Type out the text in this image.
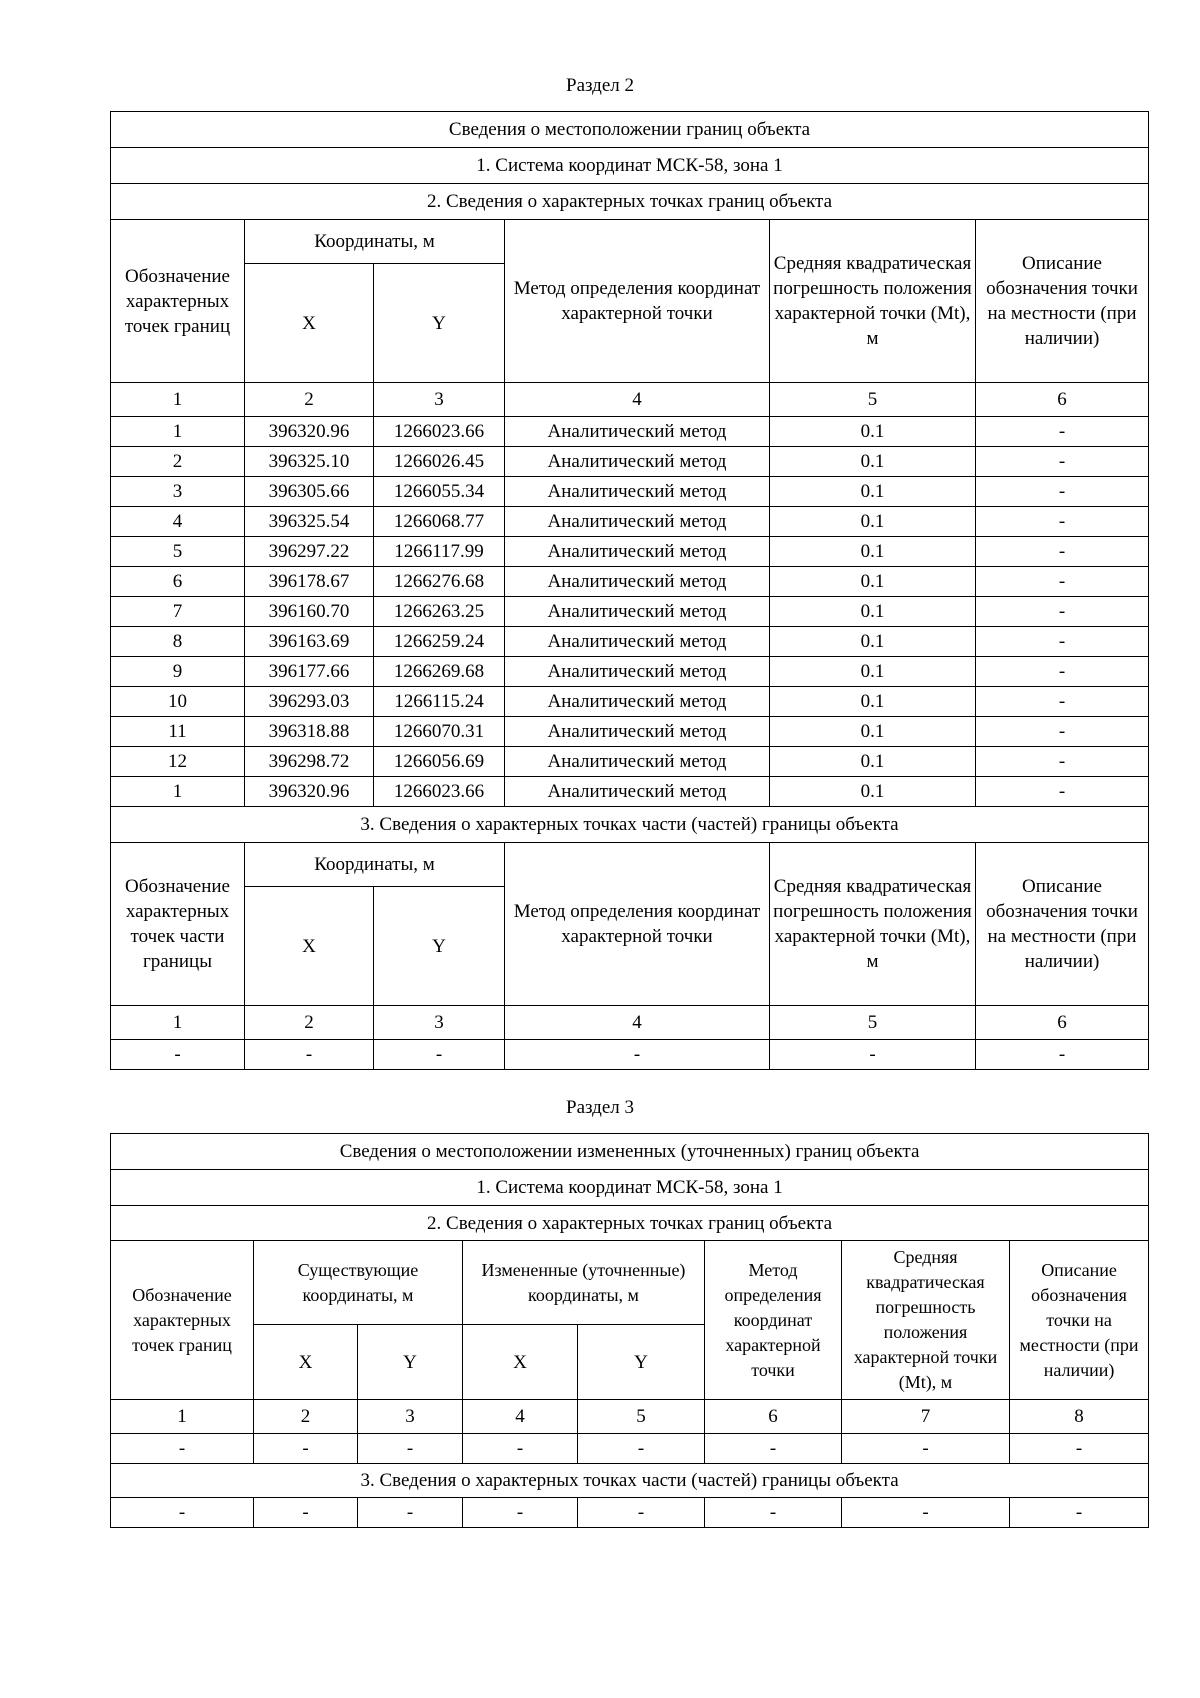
Раздел 2
Сведения о местоположении границ объекта					
1. Система координат МСК-58, зона 1					
2. Сведения о характерных точках границ объекта					
Обозначение характерных точек границ	Координаты, м		Метод определения координат характерной точки	Средняя квадратическая погрешность положения характерной точки (Mt), м	Описание обозначения точки на местности (при наличии)
	X	Y			
1	2	3	4	5	6
1	396320.96	1266023.66	Аналитический метод	0.1	-
2	396325.10	1266026.45	Аналитический метод	0.1	-
3	396305.66	1266055.34	Аналитический метод	0.1	-
4	396325.54	1266068.77	Аналитический метод	0.1	-
5	396297.22	1266117.99	Аналитический метод	0.1	-
6	396178.67	1266276.68	Аналитический метод	0.1	-
7	396160.70	1266263.25	Аналитический метод	0.1	-
8	396163.69	1266259.24	Аналитический метод	0.1	-
9	396177.66	1266269.68	Аналитический метод	0.1	-
10	396293.03	1266115.24	Аналитический метод	0.1	-
11	396318.88	1266070.31	Аналитический метод	0.1	-
12	396298.72	1266056.69	Аналитический метод	0.1	-
1	396320.96	1266023.66	Аналитический метод	0.1	-
3. Сведения о характерных точках части (частей) границы объекта					
Обозначение характерных точек части границы	Координаты, м		Метод определения координат характерной точки	Средняя квадратическая погрешность положения характерной точки (Mt), м	Описание обозначения точки на местности (при наличии)
	X	Y			
1	2	3	4	5	6
-	-	-	-	-	-
Раздел 3
Сведения о местоположении измененных (уточненных) границ объекта							
1. Система координат МСК-58, зона 1							
2. Сведения о характерных точках границ объекта							
Обозначение характерных точек границ	Существующие координаты, м		Измененные (уточненные) координаты, м		Метод определения координат характерной точки	Средняя квадратическая погрешность положения характерной точки (Mt), м	Описание обозначения точки на местности (при наличии)
	X	Y	X	Y			
1	2	3	4	5	6	7	8
-	-	-	-	-	-	-	-
3. Сведения о характерных точках части (частей) границы объекта							
-	-	-	-	-	-	-	-
